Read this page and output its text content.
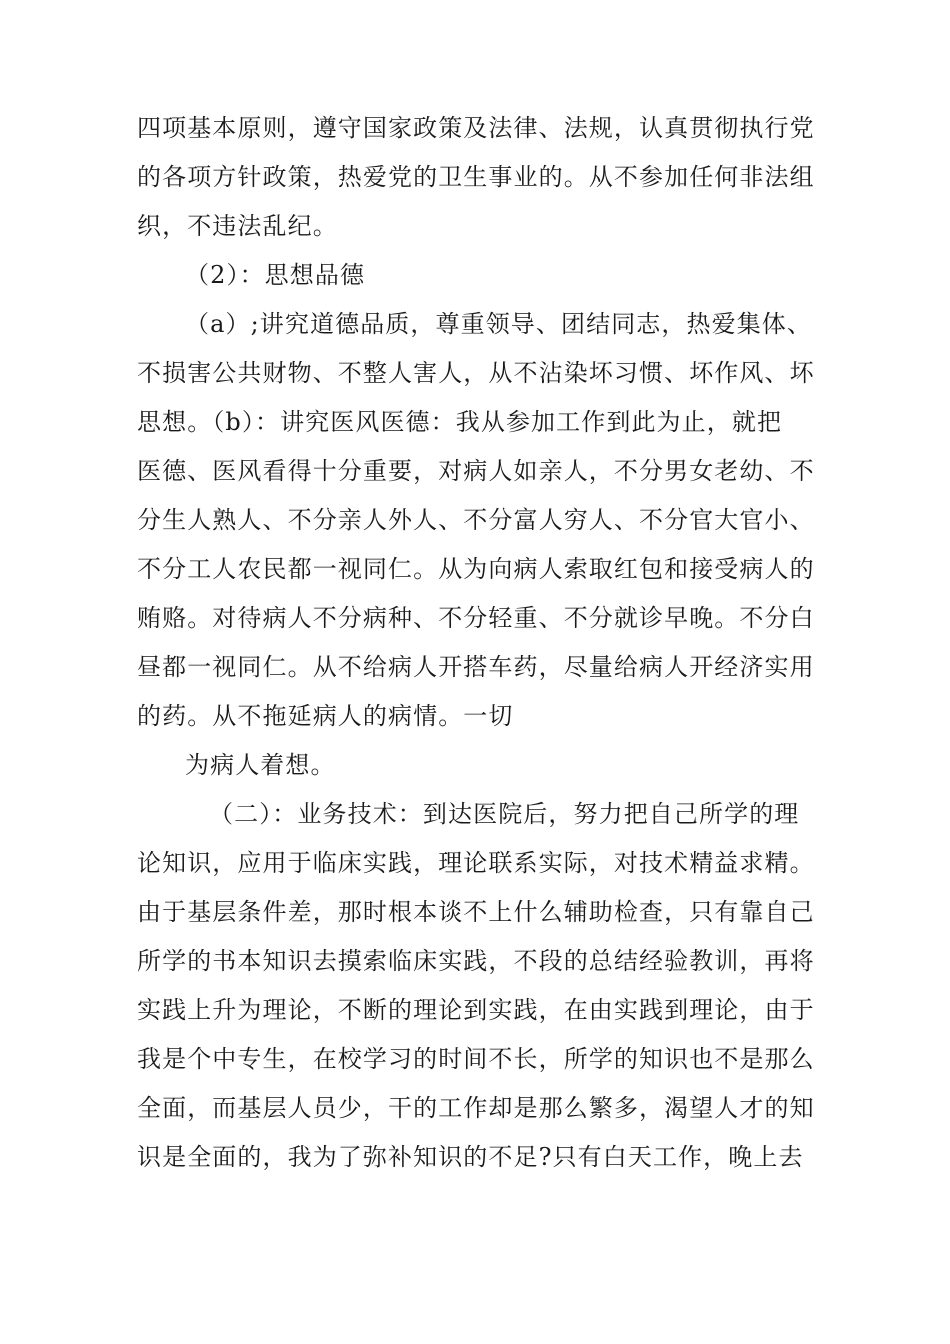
四项基本原则，遵守国家政策及法律、法规，认真贯彻执行党

的各项方针政策，热爱党的卫生事业的。从不参加任何非法组

织，不违法乱纪。

（2）：思想品德

（a）;讲究道德品质，尊重领导、团结同志，热爱集体、

不损害公共财物、不整人害人，从不沾染坏习惯、坏作风、坏

思想。（b）：讲究医风医德：我从参加工作到此为止，就把

医德、医风看得十分重要，对病人如亲人，不分男女老幼、不

分生人熟人、不分亲人外人、不分富人穷人、不分官大官小、

不分工人农民都一视同仁。从为向病人索取红包和接受病人的

贿赂。对待病人不分病种、不分轻重、不分就诊早晚。不分白

昼都一视同仁。从不给病人开搭车药，尽量给病人开经济实用

的药。从不拖延病人的病情。一切

为病人着想。

（二）：业务技术：到达医院后，努力把自己所学的理

论知识，应用于临床实践，理论联系实际，对技术精益求精。

由于基层条件差，那时根本谈不上什么辅助检查，只有靠自己

所学的书本知识去摸索临床实践，不段的总结经验教训，再将

实践上升为理论，不断的理论到实践，在由实践到理论，由于

我是个中专生，在校学习的时间不长，所学的知识也不是那么

全面，而基层人员少，干的工作却是那么繁多，渴望人才的知

识是全面的，我为了弥补知识的不足?只有白天工作，晚上去
